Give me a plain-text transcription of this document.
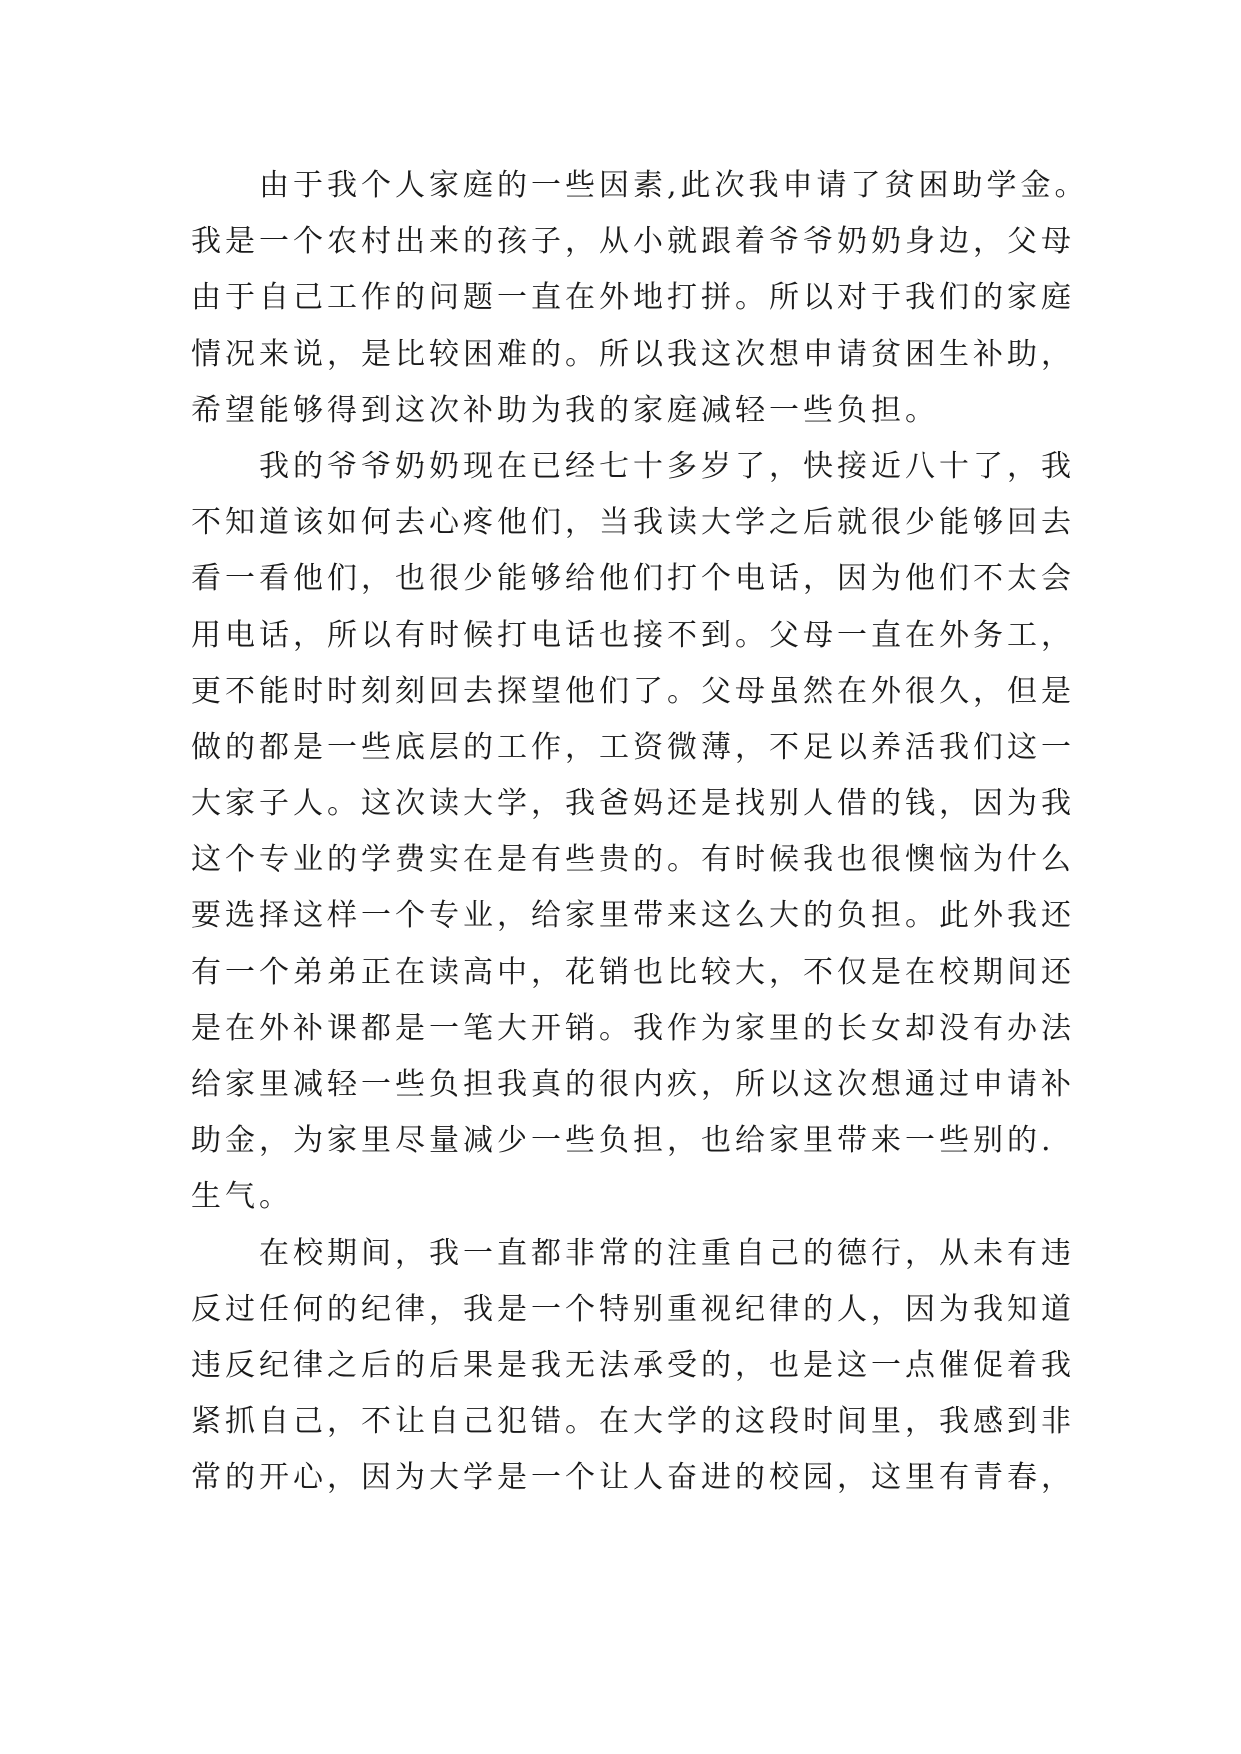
　　由于我个人家庭的一些因素,此次我申请了贫困助学金。
我是一个农村出来的孩子，从小就跟着爷爷奶奶身边，父母
由于自己工作的问题一直在外地打拼。所以对于我们的家庭
情况来说，是比较困难的。所以我这次想申请贫困生补助，
希望能够得到这次补助为我的家庭减轻一些负担。
　　我的爷爷奶奶现在已经七十多岁了，快接近八十了，我
不知道该如何去心疼他们，当我读大学之后就很少能够回去
看一看他们，也很少能够给他们打个电话，因为他们不太会
用电话，所以有时候打电话也接不到。父母一直在外务工，
更不能时时刻刻回去探望他们了。父母虽然在外很久，但是
做的都是一些底层的工作，工资微薄，不足以养活我们这一
大家子人。这次读大学，我爸妈还是找别人借的钱，因为我
这个专业的学费实在是有些贵的。有时候我也很懊恼为什么
要选择这样一个专业，给家里带来这么大的负担。此外我还
有一个弟弟正在读高中，花销也比较大，不仅是在校期间还
是在外补课都是一笔大开销。我作为家里的长女却没有办法
给家里减轻一些负担我真的很内疚，所以这次想通过申请补
助金，为家里尽量减少一些负担，也给家里带来一些别的.
生气。
　　在校期间，我一直都非常的注重自己的德行，从未有违
反过任何的纪律，我是一个特别重视纪律的人，因为我知道
违反纪律之后的后果是我无法承受的，也是这一点催促着我
紧抓自己，不让自己犯错。在大学的这段时间里，我感到非
常的开心，因为大学是一个让人奋进的校园，这里有青春，
